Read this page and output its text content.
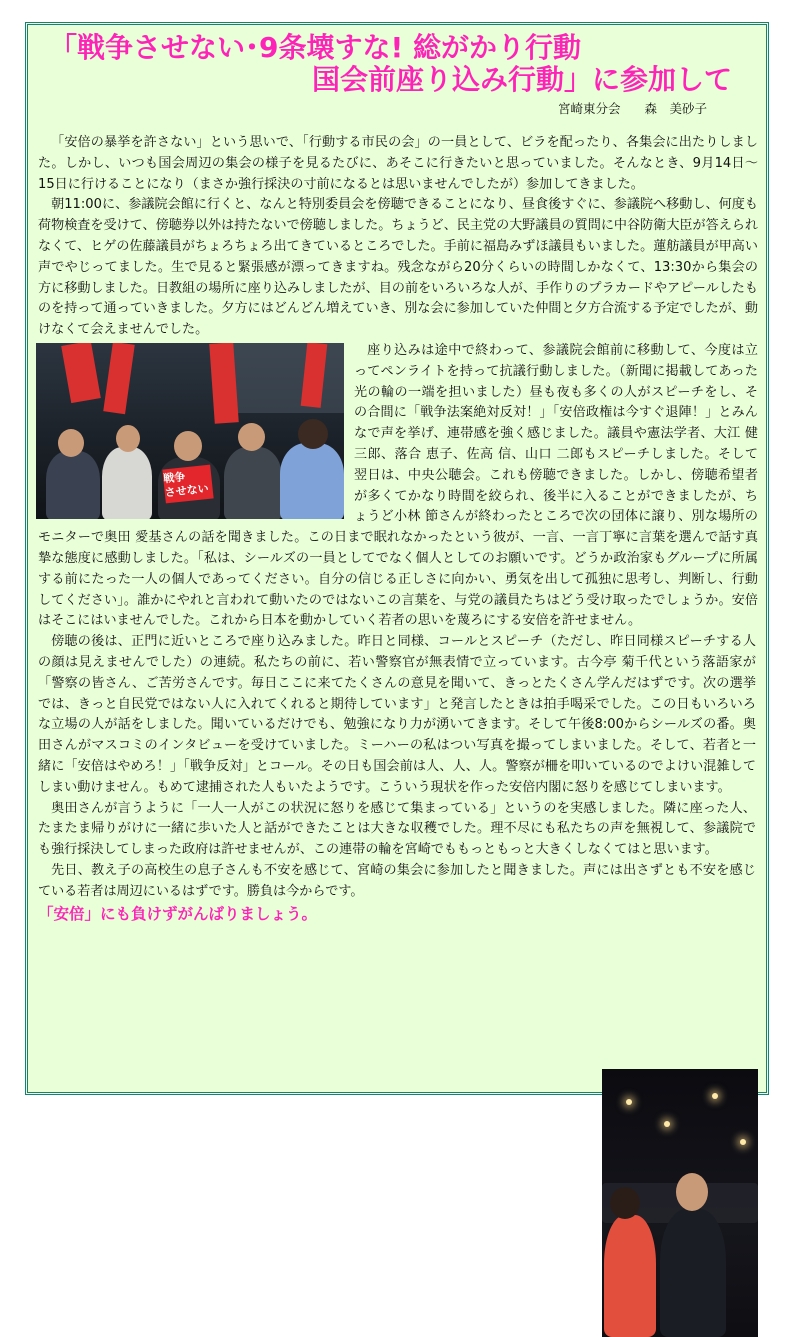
「戦争させない･9条壊すな! 総がかり行動
国会前座り込み行動」に参加して
宮崎東分会 森　美砂子

「安倍の暴挙を許さない」という思いで、「行動する市民の会」の一員として、ビラを配ったり、各集会に出たりしました。しかし、いつも国会周辺の集会の様子を見るたびに、あそこに行きたいと思っていました。そんなとき、9月14日～15日に行けることになり（まさか強行採決の寸前になるとは思いませんでしたが）参加してきました。

朝11:00に、参議院会館に行くと、なんと特別委員会を傍聴できることになり、昼食後すぐに、参議院へ移動し、何度も荷物検査を受けて、傍聴券以外は持たないで傍聴しました。ちょうど、民主党の大野議員の質問に中谷防衛大臣が答えられなくて、ヒゲの佐藤議員がちょろちょろ出てきているところでした。手前に福島みずほ議員もいました。蓮舫議員が甲高い声でやじってました。生で見ると緊張感が漂ってきますね。残念ながら20分くらいの時間しかなくて、13:30から集会の方に移動しました。日教組の場所に座り込みしましたが、目の前をいろいろな人が、手作りのプラカードやアピールしたものを持って通っていきました。夕方にはどんどん増えていき、別な会に参加していた仲間と夕方合流する予定でしたが、動けなくて会えませんでした。

戦争
させない

座り込みは途中で終わって、参議院会館前に移動して、今度は立ってペンライトを持って抗議行動しました。（新聞に掲載してあった光の輪の一端を担いました）昼も夜も多くの人がスピーチをし、その合間に「戦争法案絶対反対！」「安倍政権は今すぐ退陣！」とみんなで声を挙げ、連帯感を強く感じました。議員や憲法学者、大江 健三郎、落合 恵子、佐高 信、山口 二郎もスピーチしました。そして翌日は、中央公聴会。これも傍聴できました。しかし、傍聴希望者が多くてかなり時間を絞られ、後半に入ることができましたが、ちょうど小林 節さんが終わったところで次の団体に譲り、別な場所のモニターで奥田 愛基さんの話を聞きました。この日まで眠れなかったという彼が、一言、一言丁寧に言葉を選んで話す真摯な態度に感動しました。「私は、シールズの一員としてでなく個人としてのお願いです。どうか政治家もグループに所属する前にたった一人の個人であってください。自分の信じる正しさに向かい、勇気を出して孤独に思考し、判断し、行動してください」。誰かにやれと言われて動いたのではないこの言葉を、与党の議員たちはどう受け取ったでしょうか。安倍はそこにはいませんでした。これから日本を動かしていく若者の思いを蔑ろにする安倍を許せません。

傍聴の後は、正門に近いところで座り込みました。昨日と同様、コールとスピーチ（ただし、昨日同様スピーチする人の顔は見えませんでした）の連続。私たちの前に、若い警察官が無表情で立っています。古今亭 菊千代という落語家が「警察の皆さん、ご苦労さんです。毎日ここに来てたくさんの意見を聞いて、きっとたくさん学んだはずです。次の選挙では、きっと自民党ではない人に入れてくれると期待しています」と発言したときは拍手喝采でした。この日もいろいろな立場の人が話をしました。聞いているだけでも、勉強になり力が湧いてきます。そして午後8:00からシールズの番。奥田さんがマスコミのインタビューを受けていました。ミーハーの私はつい写真を撮ってしまいました。そして、若者と一緒に「安倍はやめろ！」「戦争反対」とコール。その日も国会前は人、人、人。警察が柵を叩いているのでよけい混雑してしまい動けません。もめて逮捕された人もいたようです。こういう現状を作った安倍内閣に怒りを感じてしまいます。

奥田さんが言うように「一人一人がこの状況に怒りを感じて集まっている」というのを実感しました。隣に座った人、たまたま帰りがけに一緒に歩いた人と話ができたことは大きな収穫でした。理不尽にも私たちの声を無視して、参議院でも強行採決してしまった政府は許せませんが、この連帯の輪を宮崎でももっともっと大きくしなくてはと思います。

先日、教え子の高校生の息子さんも不安を感じて、宮崎の集会に参加したと聞きました。声には出さずとも不安を感じている若者は周辺にいるはずです。勝負は今からです。

「安倍」にも負けずがんばりましょう。
